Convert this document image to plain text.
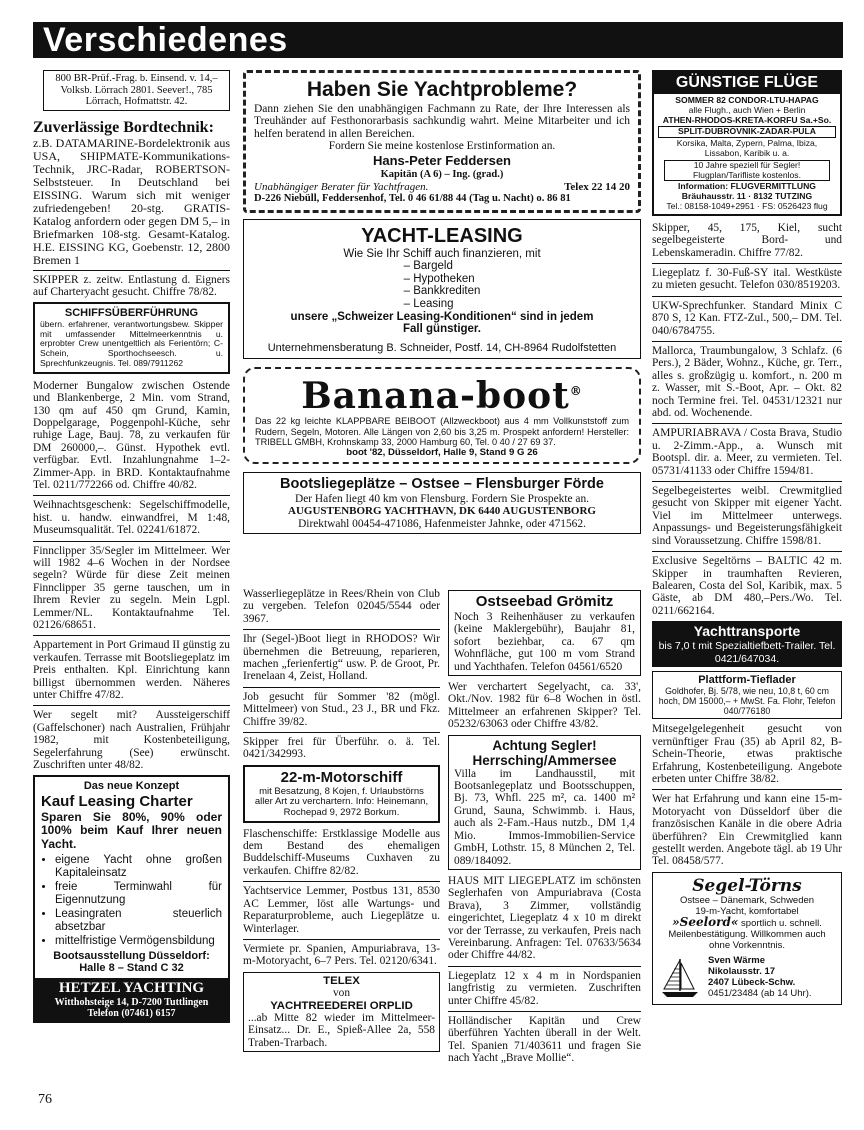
Verschiedenes
800 BR-Prüf.-Frag. b. Einsend. v. 14,– Volksb. Lörrach 2801. Seever!., 785 Lörrach, Hofmattstr. 42.
Zuverlässige Bordtechnik:
z.B. DATAMARINE-Bordelektronik aus USA, SHIPMATE-Kommunikations-Technik, JRC-Radar, ROBERTSON-Selbststeuer. In Deutschland bei EISSING. Warum sich mit weniger zufriedengeben! 20-stg. GRATIS-Katalog anfordern oder gegen DM 5,– in Briefmarken 108-stg. Gesamt-Katalog. H.E. EISSING KG, Goebenstr. 12, 2800 Bremen 1

SKIPPER z. zeitw. Entlastung d. Eigners auf Charteryacht gesucht. Chiffre 78/82.

SCHIFFSÜBERFÜHRUNG
übern. erfahrener, verantwortungsbew. Skipper mit umfassender Mittelmeerkenntnis u. erprobter Crew unentgeltlich als Ferientörn; C-Schein, Sporthochseesch. u. Sprechfunkzeugnis. Tel. 089/7911262

Moderner Bungalow zwischen Ostende und Blankenberge, 2 Min. vom Strand, 130 qm auf 450 qm Grund, Kamin, Doppelgarage, Poggenpohl-Küche, sehr ruhige Lage, Bauj. 78, zu verkaufen für DM 260000,–. Günst. Hypothek evtl. verfügbar. Evtl. Inzahlungnahme 1–2-Zimmer-App. in BRD. Kontaktaufnahme Tel. 0211/772266 od. Chiffre 40/82.

Weihnachtsgeschenk: Segelschiffmodelle, hist. u. handw. einwandfrei, M 1:48, Museumsqualität. Tel. 02241/61872.

Finnclipper 35/Segler im Mittelmeer. Wer will 1982 4–6 Wochen in der Nordsee segeln? Würde für diese Zeit meinen Finnclipper 35 gerne tauschen, um in Ihrem Revier zu segeln. Mein Lgpl. Lemmer/NL. Kontaktaufnahme Tel. 02126/68651.

Appartement in Port Grimaud II günstig zu verkaufen. Terrasse mit Bootsliegeplatz im Preis enthalten. Kpl. Einrichtung kann billigst übernommen werden. Näheres unter Chiffre 47/82.

Wer segelt mit? Aussteigerschiff (Gaffelschoner) nach Australien, Frühjahr 1982, mit Kostenbeteiligung, Segelerfahrung (See) erwünscht. Zuschriften unter 48/82.

Das neue Konzept
Kauf Leasing Charter
Sparen Sie 80%, 90% oder 100% beim Kauf Ihrer neuen Yacht.
• eigene Yacht ohne großen Kapitaleinsatz
• freie Terminwahl für Eigennutzung
• Leasingraten steuerlich absetzbar
• mittelfristige Vermögensbildung
Bootsausstellung Düsseldorf: Halle 8 – Stand C 32
HETZEL YACHTING
Witthohsteige 14, D-7200 Tuttlingen Telefon (07461) 6157
Haben Sie Yachtprobleme?
Dann ziehen Sie den unabhängigen Fachmann zu Rate, der Ihre Interessen als Treuhänder auf Festhonorarbasis sachkundig wahrt. Meine Mitarbeiter und ich helfen beratend in allen Bereichen.
Fordern Sie meine kostenlose Erstinformation an.
Hans-Peter Feddersen
Kapitän (A 6) – Ing. (grad.)
Unabhängiger Berater für Yachtfragen.	Telex 22 14 20
D-226 Niebüll, Feddersenhof, Tel. 0 46 61/88 44 (Tag u. Nacht) o. 86 81
YACHT-LEASING
Wie Sie Ihr Schiff auch finanzieren, mit
– Bargeld
– Hypotheken
– Bankkrediten
– Leasing
unsere „Schweizer Leasing-Konditionen“ sind in jedem Fall günstiger.
Unternehmensberatung B. Schneider, Postf. 14, CH-8964 Rudolfstetten
Banana-boot®
Das 22 kg leichte KLAPPBARE BEIBOOT (Allzweckboot) aus 4 mm Vollkunststoff zum Rudern, Segeln, Motoren. Alle Längen von 2,60 bis 3,25 m. Prospekt anfordern! Hersteller: TRIBELL GMBH, Krohnskamp 33, 2000 Hamburg 60, Tel. 0 40 / 27 69 37.
boot '82, Düsseldorf, Halle 9, Stand 9 G 26
Bootsliegeplätze – Ostsee – Flensburger Förde
Der Hafen liegt 40 km von Flensburg. Fordern Sie Prospekte an.
AUGUSTENBORG YACHTHAVN, DK 6440 AUGUSTENBORG
Direktwahl 00454-471086, Hafenmeister Jahnke, oder 471562.

Wasserliegeplätze in Rees/Rhein von Club zu vergeben. Telefon 02045/5544 oder 3967.

Ihr (Segel-)Boot liegt in RHODOS? Wir übernehmen die Betreuung, reparieren, machen „ferienfertig“ usw. P. de Groot, Pr. Irenelaan 4, Zeist, Holland.

Job gesucht für Sommer '82 (mögl. Mittelmeer) von Stud., 23 J., BR und Fkz. Chiffre 39/82.

Skipper frei für Überführ. o. ä. Tel. 0421/342993.

22-m-Motorschiff
mit Besatzung, 8 Kojen, f. Urlaubstörns aller Art zu verchartern. Info: Heinemann, Rochepad 9, 2972 Borkum.

Flaschenschiffe: Erstklassige Modelle aus dem Bestand des ehemaligen Buddelschiff-Museums Cuxhaven zu verkaufen. Chiffre 82/82.

Yachtservice Lemmer, Postbus 131, 8530 AC Lemmer, löst alle Wartungs- und Reparaturprobleme, auch Liegeplätze u. Winterlager.

Vermiete pr. Spanien, Ampuriabrava, 13-m-Motoryacht, 6–7 Pers. Tel. 02120/6341.

TELEX
von
YACHTREEDEREI ORPLID
...ab Mitte 82 wieder im Mittelmeer-Einsatz... Dr. E., Spieß-Allee 2a, 558 Traben-Trarbach.
Ostseebad Grömitz
Noch 3 Reihenhäuser zu verkaufen (keine Maklergebühr), Baujahr 81, sofort beziehbar, ca. 67 qm Wohnfläche, gut 100 m vom Strand und Yachthafen. Telefon 04561/6520

Wer verchartert Segelyacht, ca. 33', Okt./Nov. 1982 für 6–8 Wochen in östl. Mittelmeer an erfahrenen Skipper? Tel. 05232/63063 oder Chiffre 43/82.

Achtung Segler!
Herrsching/Ammersee
Villa im Landhausstil, mit Bootsanlegeplatz und Bootsschuppen, Bj. 73, Whfl. 225 m², ca. 1400 m² Grund, Sauna, Schwimmb. i. Haus, auch als 2-Fam.-Haus nutzb., DM 1,4 Mio. Immos-Immobilien-Service GmbH, Lothstr. 15, 8 München 2, Tel. 089/184092.

HAUS MIT LIEGEPLATZ im schönsten Seglerhafen von Ampuriabrava (Costa Brava), 3 Zimmer, vollständig eingerichtet, Liegeplatz 4 x 10 m direkt vor der Terrasse, zu verkaufen, Preis nach Vereinbarung. Anfragen: Tel. 07633/5634 oder Chiffre 44/82.

Liegeplatz 12 x 4 m in Nordspanien langfristig zu vermieten. Zuschriften unter Chiffre 45/82.

Holländischer Kapitän und Crew überführen Yachten überall in der Welt. Tel. Spanien 71/403611 und fragen Sie nach Yacht „Brave Mollie“.

GÜNSTIGE FLÜGE
SOMMER 82 CONDOR-LTU-HAPAG
alle Flugh., auch Wien + Berlin
ATHEN-RHODOS-KRETA-KORFU Sa.+So.
SPLIT-DUBROVNIK-ZADAR-PULA
Korsika, Malta, Zypern, Palma, Ibiza, Lissabon, Karibik u. a.
10 Jahre speziell für Segler! Flugplan/Tarifliste kostenlos.
Information: FLUGVERMITTLUNG
Bräuhausstr. 11 · 8132 TUTZING
Tel.: 08158-1049+2951 · FS: 0526423 flug

Skipper, 45, 175, Kiel, sucht segelbegeisterte Bord- und Lebenskameradin. Chiffre 77/82.

Liegeplatz f. 30-Fuß-SY ital. Westküste zu mieten gesucht. Telefon 030/8519203.

UKW-Sprechfunker. Standard Minix C 870 S, 12 Kan. FTZ-Zul., 500,– DM. Tel. 040/6784755.

Mallorca, Traumbungalow, 3 Schlafz. (6 Pers.), 2 Bäder, Wohnz., Küche, gr. Terr., alles s. großzügig u. komfort., n. 200 m z. Wasser, mit S.-Boot, Apr. – Okt. 82 noch Termine frei. Tel. 04531/12321 nur abd. od. Wochenende.

AMPURIABRAVA / Costa Brava, Studio u. 2-Zimm.-App., a. Wunsch mit Bootspl. dir. a. Meer, zu vermieten. Tel. 05731/41133 oder Chiffre 1594/81.

Segelbegeistertes weibl. Crewmitglied gesucht von Skipper mit eigener Yacht. Viel im Mittelmeer unterwegs. Anpassungs- und Begeisterungsfähigkeit sind Voraussetzung. Chiffre 1598/81.

Exclusive Segeltörns – BALTIC 42 m. Skipper in traumhaften Revieren, Balearen, Costa del Sol, Karibik, max. 5 Gäste, ab DM 480,–Pers./Wo. Tel. 0211/662164.

Yachttransporte
bis 7,0 t mit Spezialtiefbett-Trailer. Tel. 0421/647034.
Plattform-Tieflader
Goldhofer, Bj. 5/78, wie neu, 10,8 t, 60 cm hoch, DM 15000,– + MwSt. Fa. Flohr, Telefon 040/776180

Mitsegelgelegenheit gesucht von vernünftiger Frau (35) ab April 82, B-Schein-Theorie, etwas praktische Erfahrung, Kostenbeteiligung. Angebote erbeten unter Chiffre 38/82.

Wer hat Erfahrung und kann eine 15-m-Motoryacht von Düsseldorf über die französischen Kanäle in die obere Adria überführen? Ein Crewmitglied kann gestellt werden. Angebote tägl. ab 19 Uhr Tel. 08458/577.

Segel-Törns
Ostsee – Dänemark, Schweden
19-m-Yacht, komfortabel
»Seelord« sportlich u. schnell. Meilenbestätigung. Willkommen auch ohne Vorkenntnis.
Sven Wärme
Nikolausstr. 17
2407 Lübeck-Schw.
0451/23484 (ab 14 Uhr).
76
